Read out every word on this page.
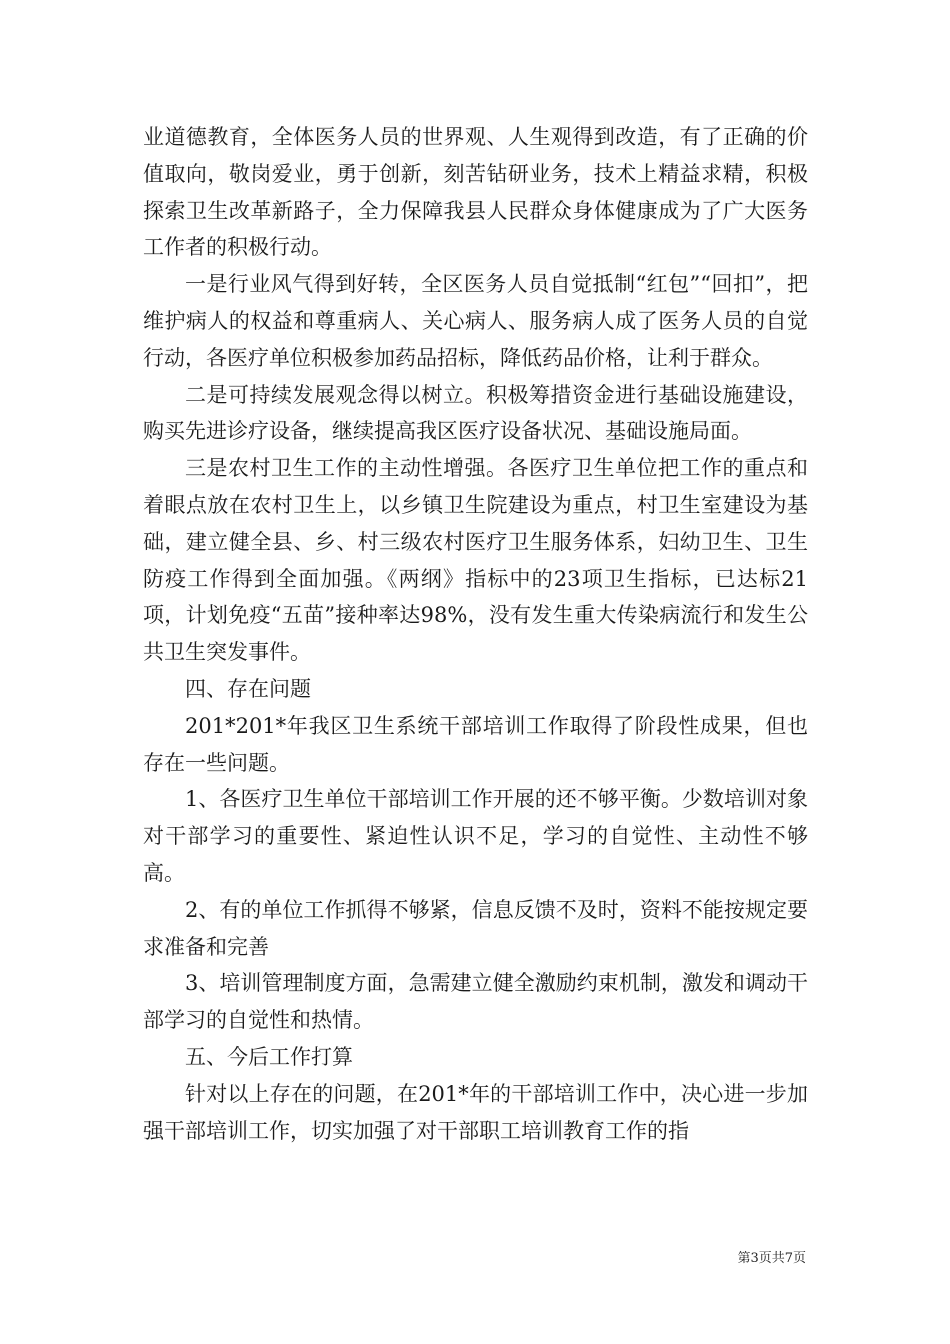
业道德教育，全体医务人员的世界观、人生观得到改造，有了正确的价值取向，敬岗爱业，勇于创新，刻苦钻研业务，技术上精益求精，积极探索卫生改革新路子，全力保障我县人民群众身体健康成为了广大医务工作者的积极行动。

一是行业风气得到好转，全区医务人员自觉抵制“红包”“回扣”，把维护病人的权益和尊重病人、关心病人、服务病人成了医务人员的自觉行动，各医疗单位积极参加药品招标，降低药品价格，让利于群众。

二是可持续发展观念得以树立。积极筹措资金进行基础设施建设，购买先进诊疗设备，继续提高我区医疗设备状况、基础设施局面。

三是农村卫生工作的主动性增强。各医疗卫生单位把工作的重点和着眼点放在农村卫生上，以乡镇卫生院建设为重点，村卫生室建设为基础，建立健全县、乡、村三级农村医疗卫生服务体系，妇幼卫生、卫生防疫工作得到全面加强。《两纲》指标中的23项卫生指标，已达标21项，计划免疫“五苗”接种率达98%，没有发生重大传染病流行和发生公共卫生突发事件。

四、存在问题

201*201*年我区卫生系统干部培训工作取得了阶段性成果，但也存在一些问题。

1、各医疗卫生单位干部培训工作开展的还不够平衡。少数培训对象对干部学习的重要性、紧迫性认识不足，学习的自觉性、主动性不够高。

2、有的单位工作抓得不够紧，信息反馈不及时，资料不能按规定要求准备和完善

3、培训管理制度方面，急需建立健全激励约束机制，激发和调动干部学习的自觉性和热情。

五、今后工作打算

针对以上存在的问题，在201*年的干部培训工作中，决心进一步加强干部培训工作，切实加强了对干部职工培训教育工作的指

第3页共7页
